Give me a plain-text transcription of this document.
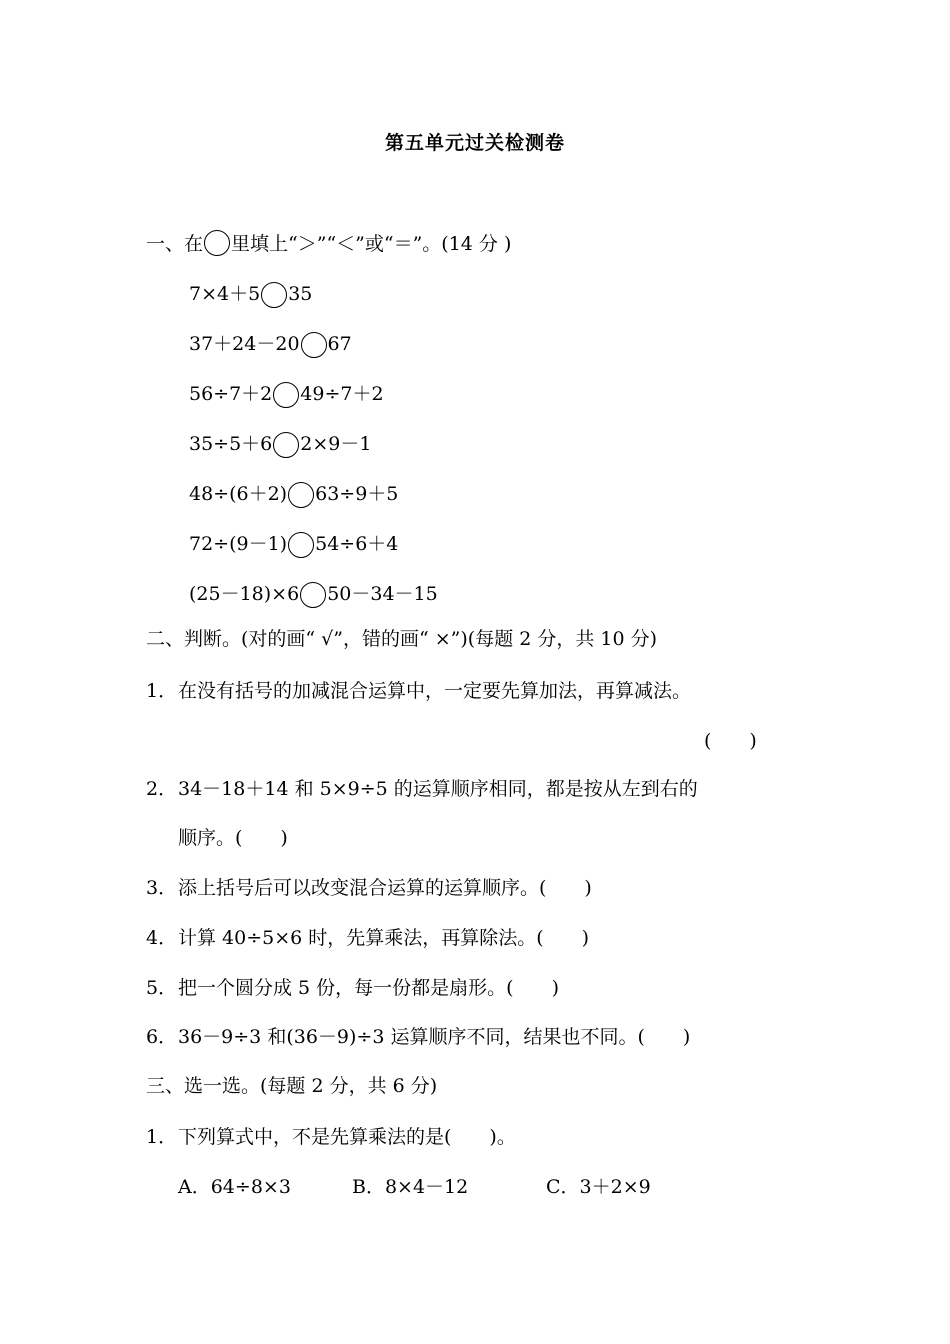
第五单元过关检测卷
一、在 里填上“＞”“＜”或“＝”。(14 分 )
7×4＋5 35
37＋24－20 67
56÷7＋2 49÷7＋2
35÷5＋6 2×9－1
48÷(6＋2) 63÷9＋5
72÷(9－1) 54÷6＋4
(25－18)×6 50－34－15
二、判断。(对的画“ √”，错的画“ ×”)(每题 2 分，共 10 分)
1． 在没有括号的加减混合运算中，一定要先算加法，再算减法。
(　　)
2． 34－18＋14 和 5×9÷5 的运算顺序相同，都是按从左到右的
顺序。(　　)
3． 添上括号后可以改变混合运算的运算顺序。(　　)
4． 计算 40÷5×6 时，先算乘法，再算除法。(　　)
5． 把一个圆分成 5 份，每一份都是扇形。(　　)
6． 36－9÷3 和(36－9)÷3 运算顺序不同，结果也不同。(　　)
三、选一选。(每题 2 分，共 6 分)
1． 下列算式中，不是先算乘法的是(　　)。
A．64÷8×3	B．8×4－12	C．3＋2×9
